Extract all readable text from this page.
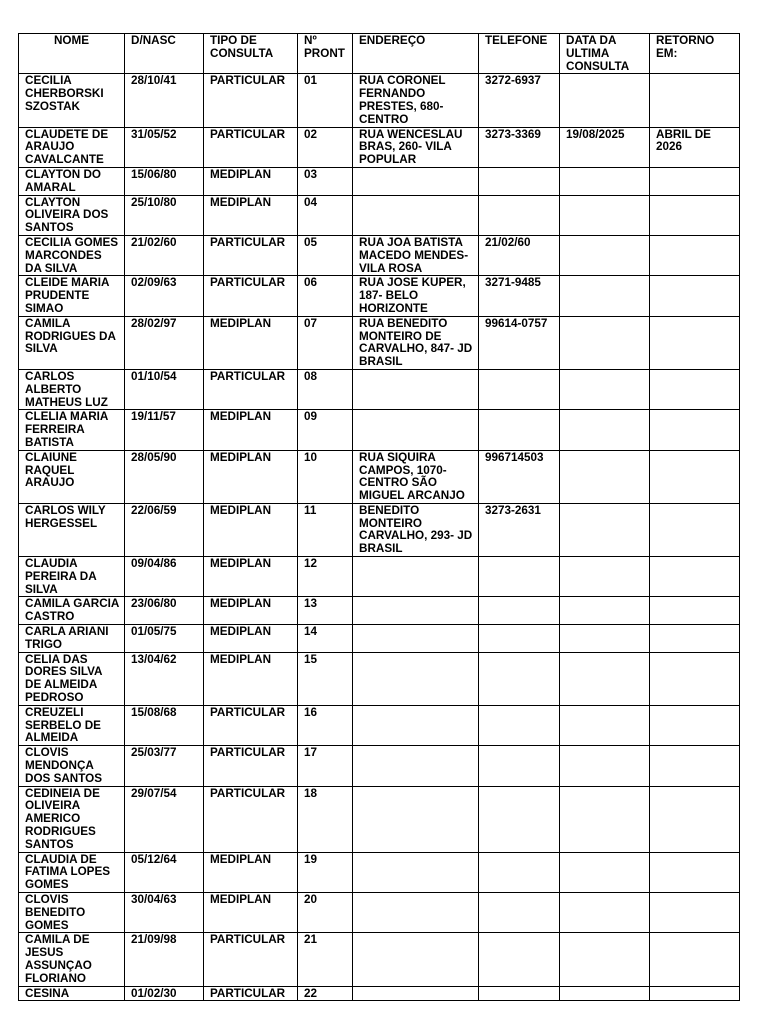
NOME	D/NASC	TIPO DE CONSULTA	Nº PRONT	ENDEREÇO	TELEFONE	DATA DA ULTIMA CONSULTA	RETORNO EM:
CECILIA CHERBORSKI SZOSTAK	28/10/41	PARTICULAR	01	RUA CORONEL FERNANDO PRESTES, 680- CENTRO	3272-6937		
CLAUDETE DE ARAUJO CAVALCANTE	31/05/52	PARTICULAR	02	RUA WENCESLAU BRAS, 260- VILA POPULAR	3273-3369	19/08/2025	ABRIL DE 2026
CLAYTON DO AMARAL	15/06/80	MEDIPLAN	03				
CLAYTON OLIVEIRA DOS SANTOS	25/10/80	MEDIPLAN	04				
CECILIA GOMES MARCONDES DA SILVA	21/02/60	PARTICULAR	05	RUA JOA BATISTA MACEDO MENDES- VILA ROSA	21/02/60		
CLEIDE MARIA PRUDENTE SIMAO	02/09/63	PARTICULAR	06	RUA JOSE KUPER, 187- BELO HORIZONTE	3271-9485		
CAMILA RODRIGUES DA SILVA	28/02/97	MEDIPLAN	07	RUA BENEDITO MONTEIRO DE CARVALHO, 847- JD BRASIL	99614-0757		
CARLOS ALBERTO MATHEUS LUZ	01/10/54	PARTICULAR	08				
CLELIA MARIA FERREIRA BATISTA	19/11/57	MEDIPLAN	09				
CLAIUNE RAQUEL ARAUJO	28/05/90	MEDIPLAN	10	RUA SIQUIRA CAMPOS, 1070- CENTRO SÃO MIGUEL ARCANJO	996714503		
CARLOS WILY HERGESSEL	22/06/59	MEDIPLAN	11	BENEDITO MONTEIRO CARVALHO, 293- JD BRASIL	3273-2631		
CLAUDIA PEREIRA DA SILVA	09/04/86	MEDIPLAN	12				
CAMILA GARCIA CASTRO	23/06/80	MEDIPLAN	13				
CARLA ARIANI TRIGO	01/05/75	MEDIPLAN	14				
CELIA DAS DORES SILVA DE ALMEIDA PEDROSO	13/04/62	MEDIPLAN	15				
CREUZELI SERBELO DE ALMEIDA	15/08/68	PARTICULAR	16				
CLOVIS MENDONÇA DOS SANTOS	25/03/77	PARTICULAR	17				
CEDINEIA DE OLIVEIRA AMERICO RODRIGUES SANTOS	29/07/54	PARTICULAR	18				
CLAUDIA DE FATIMA LOPES GOMES	05/12/64	MEDIPLAN	19				
CLOVIS BENEDITO GOMES	30/04/63	MEDIPLAN	20				
CAMILA DE JESUS ASSUNÇAO FLORIANO	21/09/98	PARTICULAR	21				
CESINA	01/02/30	PARTICULAR	22				
